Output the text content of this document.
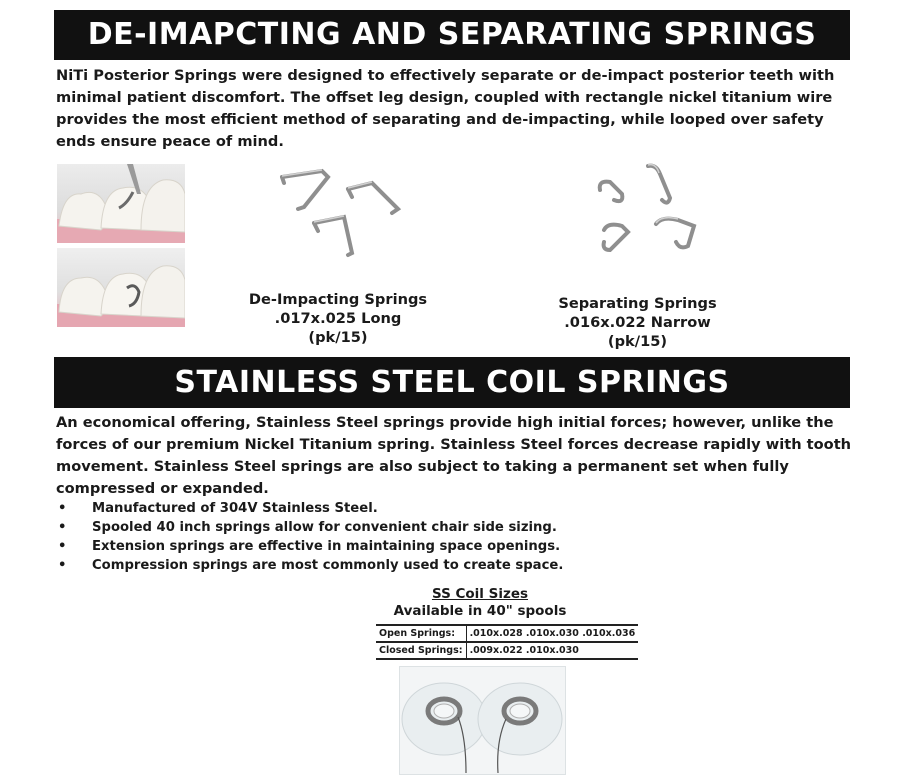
DE-IMAPCTING AND SEPARATING SPRINGS

NiTi Posterior Springs were designed to effectively separate or de-impact posterior teeth with minimal patient discomfort. The offset leg design, coupled with rectangle nickel titanium wire provides the most efficient method of separating and de-impacting, while looped over safety ends ensure peace of mind.

De-Impacting Springs
.017x.025 Long
(pk/15)
Separating Springs
.016x.022 Narrow
(pk/15)
STAINLESS STEEL COIL SPRINGS

An economical offering, Stainless Steel springs provide high initial forces; however, unlike the forces of our premium Nickel Titanium spring. Stainless Steel forces decrease rapidly with tooth movement. Stainless Steel springs are also subject to taking a permanent set when fully compressed or expanded.

• Manufactured of 304V Stainless Steel.
• Spooled 40 inch springs allow for convenient chair side sizing.
• Extension springs are effective in maintaining space openings.
• Compression springs are most commonly used to create space.
SS Coil Sizes
Available in 40" spools
Open Springs:	.010x.028 .010x.030 .010x.036
Closed Springs:	.009x.022 .010x.030
